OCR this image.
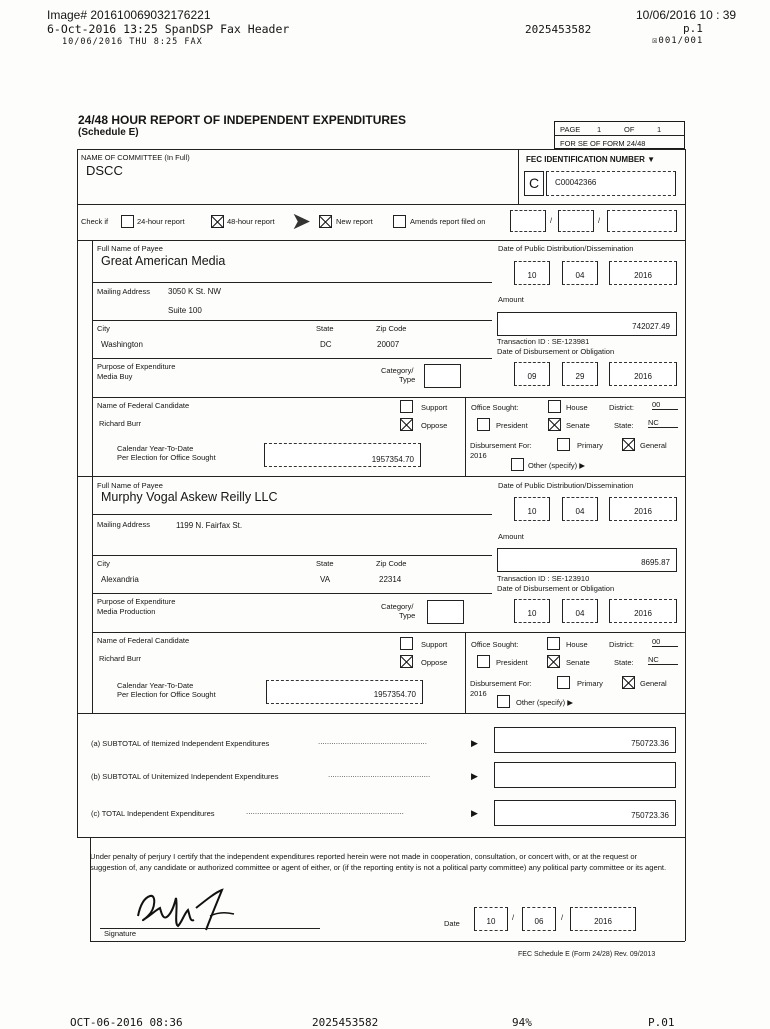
Image# 201610069032176221
6-Oct-2016 13:25 SpanDSP Fax Header
10/06/2016 THU 8:25 FAX
2025453582
10/06/2016 10 : 39
p.1
☒001/001
24/48 HOUR REPORT OF INDEPENDENT EXPENDITURES
(Schedule E)	PAGE 1	OF	1
FOR SE OF FORM 24/48
NAME OF COMMITTEE (In Full)
DSCC
FEC IDENTIFICATION NUMBER ▼
C	C00042366
Check if	24-hour report	48-hour report ➤	New report	Amends report filed on	/	/
Full Name of Payee
Great American Media
Mailing Address 3050 K St. NW
Suite 100
City	State	Zip Code
Washington	DC	20007
Purpose of Expenditure
Media Buy
Category/
Type
Name of Federal Candidate
Richard Burr
Support
Oppose
Calendar Year-To-Date
Per Election for Office Sought	1957354.70
Office Sought:	House	District: 00
President	Senate	State: NC
Disbursement For:
2016
Primary	General
Other (specify) ▶
Date of Public Distribution/Dissemination
10	04	2016
Amount
742027.49
Transaction ID : SE-123981
Date of Disbursement or Obligation
09	29	2016
Full Name of Payee
Murphy Vogal Askew Reilly LLC
Mailing Address	1199 N. Fairfax St.
City	State	Zip Code
Alexandria	VA	22314
Purpose of Expenditure
Media Production
Category/
Type
Name of Federal Candidate
Richard Burr
Support
Oppose
Calendar Year-To-Date
Per Election for Office Sought	1957354.70
Office Sought:	House	District: 00
President	Senate	State: NC
Disbursement For:
2016
Primary	General
Other (specify) ▶
Date of Public Distribution/Dissemination
10	04	2016
Amount
8695.87
Transaction ID : SE-123910
Date of Disbursement or Obligation
10	04	2016
(a) SUBTOTAL of Itemized Independent Expenditures	.................................................	▶	750723.36
(b) SUBTOTAL of Unitemized Independent Expenditures	..............................................	▶
(c) TOTAL Independent Expenditures	.......................................................................	▶	750723.36
Under penalty of perjury I certify that the independent expenditures reported herein were not made in cooperation, consultation, or concert with, or at the request or suggestion of, any candidate or authorized committee or agent of either, or (if the reporting entity is not a political party committee) any political party committee or its agent.
Signature
Date	10	/	06	/	2016
FEC Schedule E (Form 24/28) Rev. 09/2013
OCT-06-2016 08:36	2025453582	94%	P.01
